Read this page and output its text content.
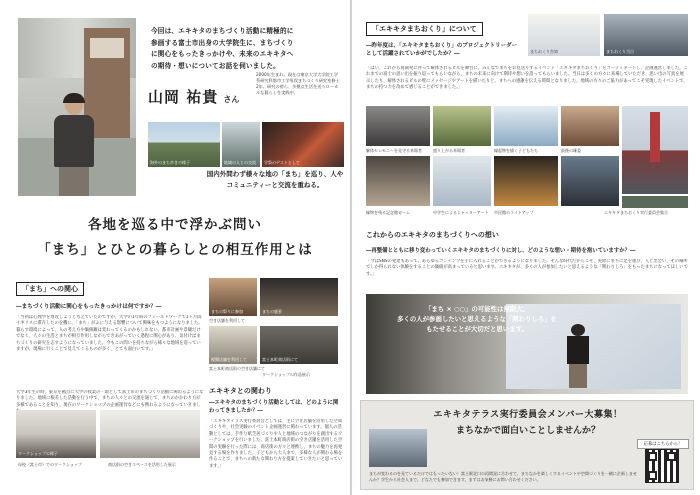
今回は、エキキタのまちづくり活動に精極的に
参画する富士市出身の大学院生に、まちづくり
に関心をもったきっかけや、未来のエキキタへ
の期待・想いについてお話を伺いました。
山岡 祐貴 さん
2000年生まれ。現在は東京大学大学院工学系研究科都市工学専攻まちづくり研究室修士2年。研究の傍ら、多拠点生活を送りローカルな暮らしを実践中。
海外のまち歩きの様子	地域の人との交流 学祭のゲストとして
国内外問わず様々な地の「まち」を巡り、人やコミュニティーと交流を重ねる。
各地を巡る中で浮かぶ問い
「まち」とひとの暮らしとの相互作用とは
「まち」への関心
―まちづくり活動に関心をもったきっかけは何ですか？―
「当初は心理学を専攻しようと考えていたのですが、大学の1年時のフィールドワークで1ヶ月間イギリスに滞在したのを機に、「まち」がふに与える影響について興味をもつようになりました。暮らす環境によって、人の考え方や価値観は変わってくるのかもしれない。都市計画や景観だけでなく、人々の生活とまちが相互作用しながらできあがっていく過程に関心があり、気付けばまちづくりの研究を志すようになっていました。今もこの問いを持ちながら様々な地域を巡っていますが、現場に行くことで見えてくるものが多く、とても面白いです。」
大学3年生の時、東京を拠点に大学の授業の一環として富士市のまちづくり活動に関わるようになりました。地域に根差した活動を行う中で、まちの人々との交流を通じて、まちのかかわり方が多様であることを知り、現在のワークショップの企画運営などにも携わるようになっていきまし
まちの祭りに参加	まちの風景
空き店舗を利用して
模擬店舗を利用して	富士本町商店街にて
富士本町商店街の空き店舗にて
ワークショップの作品展示
エキキタとの関わり
―エキキタのまちづくり活動としては、どのように関わってきましたか？―
「エキキタテラス実行委員会としては、主に空き店舗を活用した空間づくりや、社会実験のイベント企画運営に関わっています。個人の活動としては、手作り紙芝居づくりや人と地域のつながりを創出するワークショップを行いました。富士本町商店街の空き店舗を活用した空間の実験を行った際には、商店街の方々と連携し、まちの魅力を再発見する場を作りました。子どもから大人まで、多様な人が関わる場を作ることで、まちへの新たな関わり方を提案していきたいと思っています。」
ワークショップの様子
母校（富士市）でのワークショップ	商店街の空きスペースを活用した展示
「エキキタまちおくり」について
―昨年度は、「エキキタまちおくり」のプロジェクトリーダーとして活躍されていかがでしたか？―	まちおくり告知	まちおくり当日
「はい、これから再開発に伴って解体されるビルを舞台に、みんなでまちをお見送りするイベント「エキキタまちおくり」をコーディネートし、企画運営しました。これまでの富士の思い出を振り返ってもらいながら、まちの未来に向けて期待や想いを語ってもらいました。当日は多くの方々に来場していただき、思い出の写真を展示したり、解体されるビルの壁にメッセージやアートを描いたりと、まちへの感謝を伝える時間となりました。地域の方々のご協力があってこそ実現したイベントで、まちの持つ力を改めて感じることができました。」
解体セレモニーを見守る来場者	盛り上がる来場者	縁起物を描く子どもたち	最後の雄姿
縁物を残る記念館ガーム	中学生によるシャッターアート 市民館のライトアップ	エキキタまちおくり実行委員会集合
これからのエキキタのまちづくりへの想い
―再整備とともに移り変わっていくエキキタのまちづくりに対し、どのような想い・期待を抱いていますか？―
「今はSNSの発達もあって、あらゆるコンテンツを手に入れることができるようになりました。そんな時代だからこそ、実際にまちに足を運び、人と出会い、その場所でしか得られない体験をすることの価値が高まっていると思います。エキキタが、多くの人が参加したいと思えるような「関わりしろ」をもったまちになってほしいです。」
「まち × ○○」の可能性は無限大。
多くの人が参画したいと思えるような「関わりしろ」を
もたせることが大切だと思います。
エキキタテラス実行委員会メンバー大募集！
まちなかで面白いことしませんか？
まちが変わるのを見ているだけではもったいない！富士駅北口の再開発に合わせて、まちなかを楽しくするイベントや空間づくりを一緒に企画しませんか？学生から社会人まで、どなたでも参加できます。まずはお気軽にお問い合わせください。
応募はこちらから！
